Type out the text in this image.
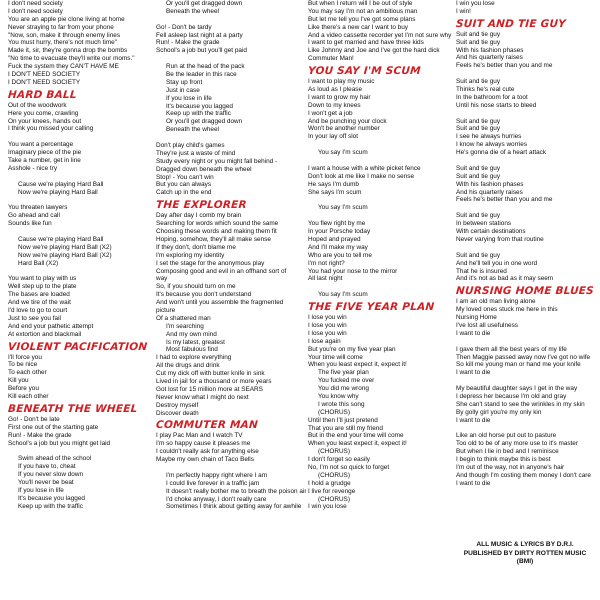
I don't need society
I don't need society
You are an apple pie clone living at home
Never straying to far from your phone
"Now, son, make it through enemy lines
You must hurry, there's not much time"
Made it, sir, they're gonna drop the bombs
"No time to evacuate they'll write our moms."
Fuck the system they CAN'T HAVE ME
I DON'T NEED SOCIETY
I DON'T NEED SOCIETY
HARD BALL
Out of the woodwork
Here you come, crawling
On your knees, hands out
I think you missed your calling
You want a percentage
Imaginary piece of the pie
Take a number, get in line
Asshole - nice try
Cause we're playing Hard Ball
Now we're playing Hard Ball
You threaten lawyers
Go ahead and call
Sounds like fun
Cause we're playing Hard Ball
Now we're playing Hard Ball (X2)
Now we're playing Hard Ball (X2)
Hard Ball (X2)
You want to play with us
Well step up to the plate
The bases are loaded
And we tire of the wait
I'd love to go to court
Just to see you fail
And end your pathetic attempt
At extortion and blackmail
VIOLENT PACIFICATION
I'll force you
To be nice
To each other
Kill you
Before you
Kill each other
BENEATH THE WHEEL
Go! - Don't be late
First one out of the starting gate
Run! - Make the grade
School's a job but you might get laid
Swim ahead of the school
If you have to, cheat
If you never slow down
You'll never be beat
If you lose in life
It's because you lagged
Keep up with the traffic
Or you'll get dragged down
Beneath the wheel
Go! - Don't be tardy
Fell asleep last night at a party
Run! - Make the grade
School's a job but you'll get paid
Run at the head of the pack
Be the leader in this race
Stay up front
Just in case
If you lose in life
It's because you lagged
Keep up with the traffic
Or you'll get dragged down
Beneath the wheel
Don't play child's games
They're just a waste of mind
Study every night or you might fall behind -
Dragged down beneath the wheel
Stop! - You can't win
But you can always
Catch up in the end
THE EXPLORER
Day after day I comb my brain
Searching for words which sound the same
Choosing these words and making them fit
Hoping, somehow, they'll all make sense
If they don't, don't blame me
I'm exploring my identity
I set the stage for the anonymous play
Composing good and evil in an offhand sort of
way
So, if you should turn on me
It's because you don't understand
And won't until you assemble the fragmented
picture
Of a shattered man
I'm searching
And my own mind
Is my latest, greatest
Most fabulous find
I had to explore everything
All the drugs and drink
Cut my dick off with butter knife in sink
Lived in jail for a thousand or more years
Got lost for 15 million more at SEARS
Never know what I might do next
Destroy myself
Discover death
COMMUTER MAN
I play Pac Man and I watch TV
I'm so happy cause it pleases me
I couldn't really ask for anything else
Maybe my own chain of Taco Bells
I'm perfectly happy right where I am
I could live forever in a traffic jam
It doesn't really bother me to breath the poison air
I'd choke anyway, I don't really care
Sometimes I think about getting away for awhile
But when I return will I be out of style
You may say I'm not an ambitious man
But let me tell you I've got some plans
Like there's a new car I want to buy
And a video cassette recorder yet I'm not sure why
I want to get married and have three kids
Like Johnny and Joe and I've got the hard dick
Commuter Man!
YOU SAY I'M SCUM
I want to play my music
As loud as I please
I want to grow my hair
Down to my knees
I won't get a job
And be punching your clock
Won't be another number
In your lay off slot
You say I'm scum
I want a house with a white picket fence
Don't look at me like I make no sense
He says I'm dumb
She says I'm scum
You say I'm scum
You flew right by me
In your Porsche today
Hoped and prayed
And I'll make my way
Who are you to tell me
I'm not right?
You had your nose to the mirror
All last night
You say I'm scum
THE FIVE YEAR PLAN
I lose you win
I lose you win
I lose you win
I lose again
But you're on my five year plan
Your time will come
When you least expect it, expect it!
The five year plan
You fucked me over
You did me wrong
You know why
I wrote this song
(CHORUS)
Until then I'll just pretend
That you are still my friend
But in the end your time will come
When you least expect it, expect it!
(CHORUS)
I don't forget so easily
No, I'm not so quick to forget
(CHORUS)
I hold a grudge
I live for revenge
(CHORUS)
I win you lose
I win you lose
I win!
SUIT AND TIE GUY
Suit and tie guy
Suit and tie guy
With his fashion phases
And his quarterly raises
Feels he's better than you and me
Suit and tie guy
Thinks he's real cute
In the bathroom for a toot
Until his nose starts to bleed
Suit and tie guy
Suit and tie guy
I see he always hurries
I know he always worries
He's gonna die of a heart attack
Suit and tie guy
Suit and tie guy
With his fashion phases
And his quarterly raises
Feels he's better than you and me
Suit and tie guy
In between stations
With certain destinations
Never varying from that routine
Suit and tie guy
And he'll tell you in one word
That he is insured
And it's not as bad as it may seem
NURSING HOME BLUES
I am an old man living alone
My loved ones stuck me here in this
Nursing Home
I've lost all usefulness
I want to die
I gave them all the best years of my life
Then Maggie passed away now I've got no wife
So kill me young man or hand me your knife
I want to die
My beautiful daughter says I get in the way
I depress her because I'm old and gray
She can't stand to see the wrinkles in my skin
By golly girl you're my only kin
I want to die
Like an old horse put out to pasture
Too old to be of any more use to it's master
But when I lie in bed and I reminisce
I begin to think maybe this is best
I'm out of the way, not in anyone's hair
And though I'm costing them money I don't care
I want to die
ALL MUSIC & LYRICS BY D.R.I.
PUBLISHED BY DIRTY ROTTEN MUSIC
(BMI)
